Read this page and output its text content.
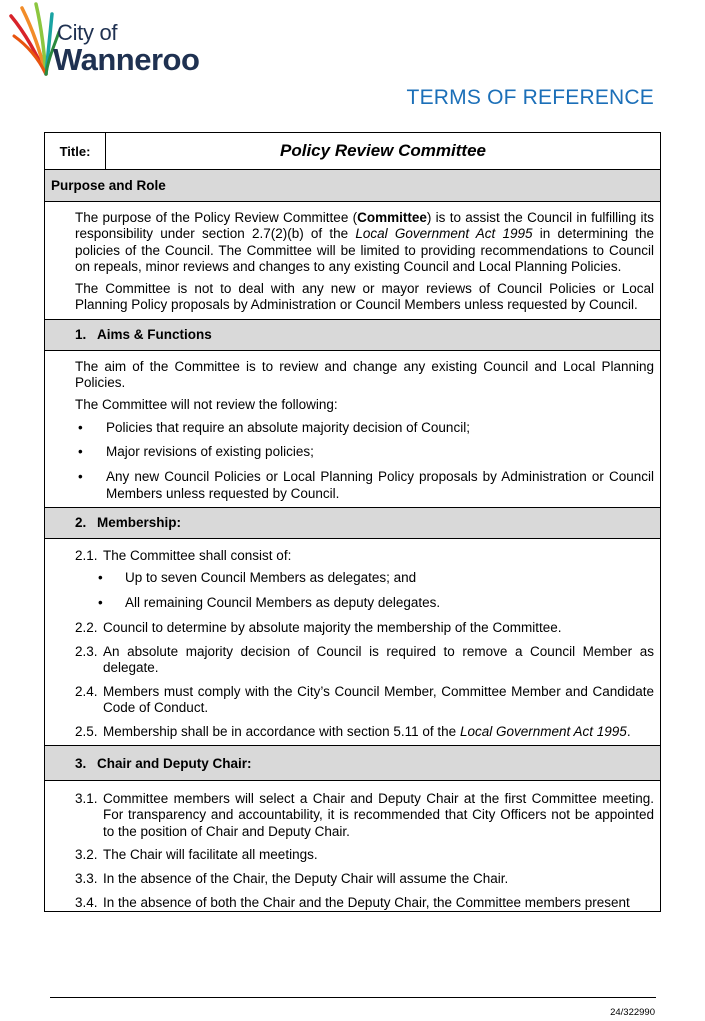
City of
Wanneroo
TERMS OF REFERENCE
Title:	Policy Review Committee
Purpose and Role

The purpose of the Policy Review Committee (Committee) is to assist the Council in fulfilling its responsibility under section 2.7(2)(b) of the Local Government Act 1995 in determining the policies of the Council. The Committee will be limited to providing recommendations to Council on repeals, minor reviews and changes to any existing Council and Local Planning Policies.

The Committee is not to deal with any new or mayor reviews of Council Policies or Local Planning Policy proposals by Administration or Council Members unless requested by Council.

1. Aims & Functions

The aim of the Committee is to review and change any existing Council and Local Planning Policies.

The Committee will not review the following:

• Policies that require an absolute majority decision of Council;
• Major revisions of existing policies;
• Any new Council Policies or Local Planning Policy proposals by Administration or Council Members unless requested by Council.
2. Membership:
2.1. The Committee shall consist of:
• Up to seven Council Members as delegates; and
• All remaining Council Members as deputy delegates.
2.2. Council to determine by absolute majority the membership of the Committee.
2.3. An absolute majority decision of Council is required to remove a Council Member as delegate.
2.4. Members must comply with the City’s Council Member, Committee Member and Candidate Code of Conduct.
2.5. Membership shall be in accordance with section 5.11 of the Local Government Act 1995.
3. Chair and Deputy Chair:
3.1. Committee members will select a Chair and Deputy Chair at the first Committee meeting. For transparency and accountability, it is recommended that City Officers not be appointed to the position of Chair and Deputy Chair.
3.2. The Chair will facilitate all meetings.
3.3. In the absence of the Chair, the Deputy Chair will assume the Chair.
3.4. In the absence of both the Chair and the Deputy Chair, the Committee members present
24/322990
